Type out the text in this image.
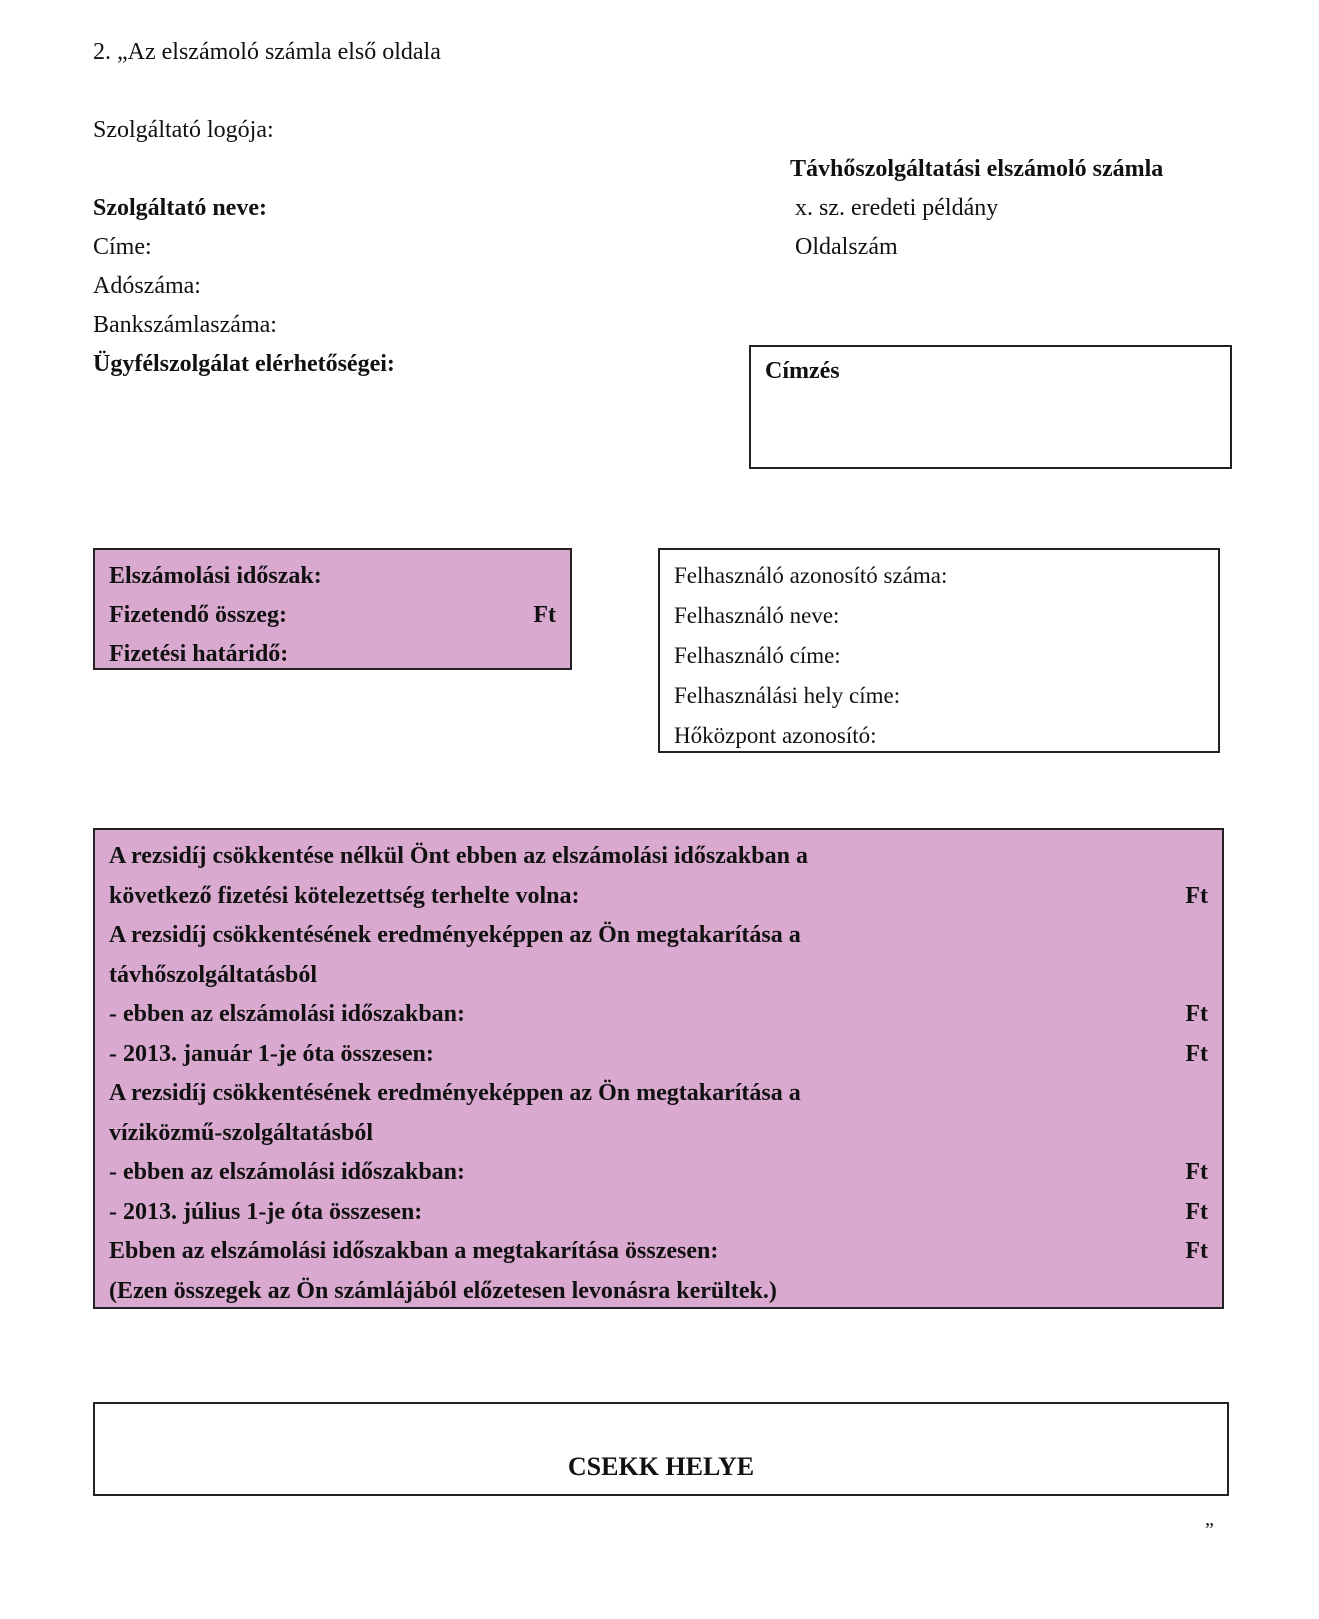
2. „Az elszámoló számla első oldala
Szolgáltató logója:
Szolgáltató neve:
Címe:
Adószáma:
Bankszámlaszáma:
Ügyfélszolgálat elérhetőségei:
Távhőszolgáltatási elszámoló számla
x. sz. eredeti példány
Oldalszám
Címzés
Elszámolási időszak:
Fizetendő összeg:	Ft
Fizetési határidő:
Felhasználó azonosító száma:
Felhasználó neve:
Felhasználó címe:
Felhasználási hely címe:
Hőközpont azonosító:
A rezsidíj csökkentése nélkül Önt ebben az elszámolási időszakban a
következő fizetési kötelezettség terhelte volna:	Ft
A rezsidíj csökkentésének eredményeképpen az Ön megtakarítása a
távhőszolgáltatásból
- ebben az elszámolási időszakban:	Ft
- 2013. január 1-je óta összesen:	Ft
A rezsidíj csökkentésének eredményeképpen az Ön megtakarítása a
víziközmű-szolgáltatásból
- ebben az elszámolási időszakban:	Ft
- 2013. július 1-je óta összesen:	Ft
Ebben az elszámolási időszakban a megtakarítása összesen:	Ft
(Ezen összegek az Ön számlájából előzetesen levonásra kerültek.)
CSEKK HELYE
”
